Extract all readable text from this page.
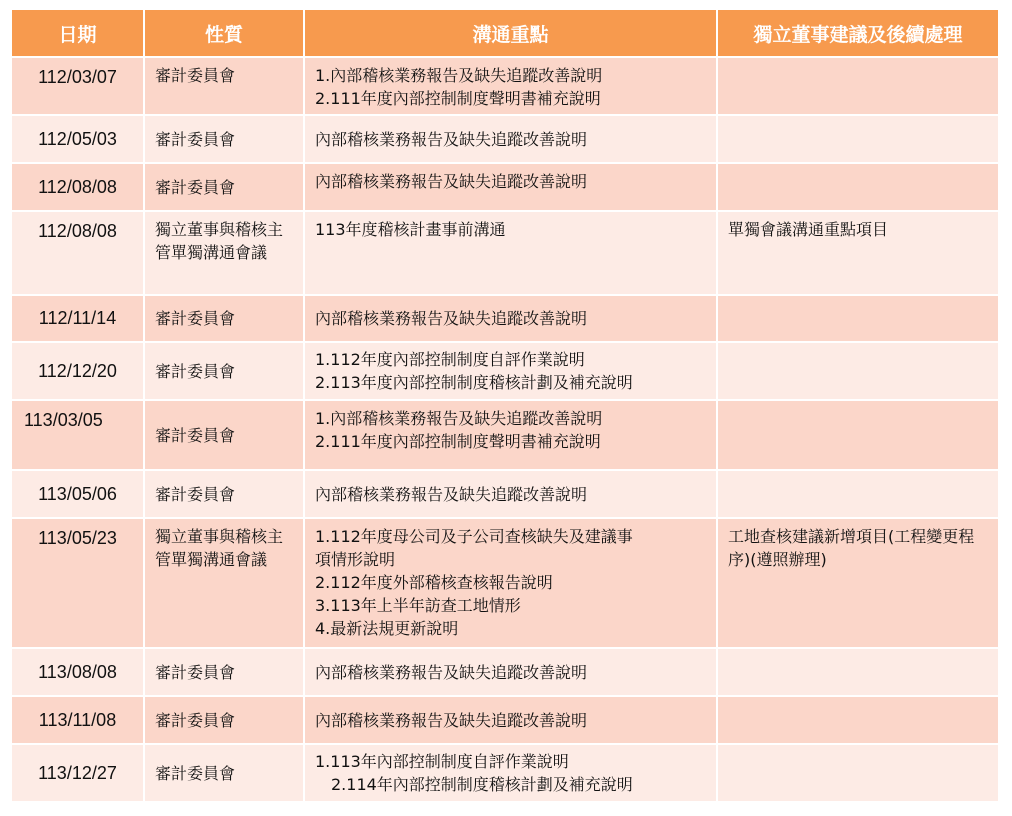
日期	性質	溝通重點	獨立董事建議及後續處理
112/03/07	審計委員會	1.內部稽核業務報告及缺失追蹤改善說明
2.111年度內部控制制度聲明書補充說明	

112/05/03	審計委員會	內部稽核業務報告及缺失追蹤改善說明	

112/08/08	審計委員會	內部稽核業務報告及缺失追蹤改善說明	

112/08/08	獨立董事與稽核主管單獨溝通會議	113年度稽核計畫事前溝通	單獨會議溝通重點項目
112/11/14	審計委員會	內部稽核業務報告及缺失追蹤改善說明	

112/12/20	審計委員會	1.112年度內部控制制度自評作業說明
2.113年度內部控制制度稽核計劃及補充說明	

113/03/05	審計委員會	1.內部稽核業務報告及缺失追蹤改善說明
2.111年度內部控制制度聲明書補充說明	

113/05/06	審計委員會	內部稽核業務報告及缺失追蹤改善說明	

113/05/23	獨立董事與稽核主管單獨溝通會議	1.112年度母公司及子公司查核缺失及建議事
項情形說明
2.112年度外部稽核查核報告說明
3.113年上半年訪查工地情形
4.最新法規更新說明	工地查核建議新增項目(工程變更程序)(遵照辦理)
113/08/08	審計委員會	內部稽核業務報告及缺失追蹤改善說明	

113/11/08	審計委員會	內部稽核業務報告及缺失追蹤改善說明	

113/12/27	審計委員會	1.113年內部控制制度自評作業說明
2.114年內部控制制度稽核計劃及補充說明	
